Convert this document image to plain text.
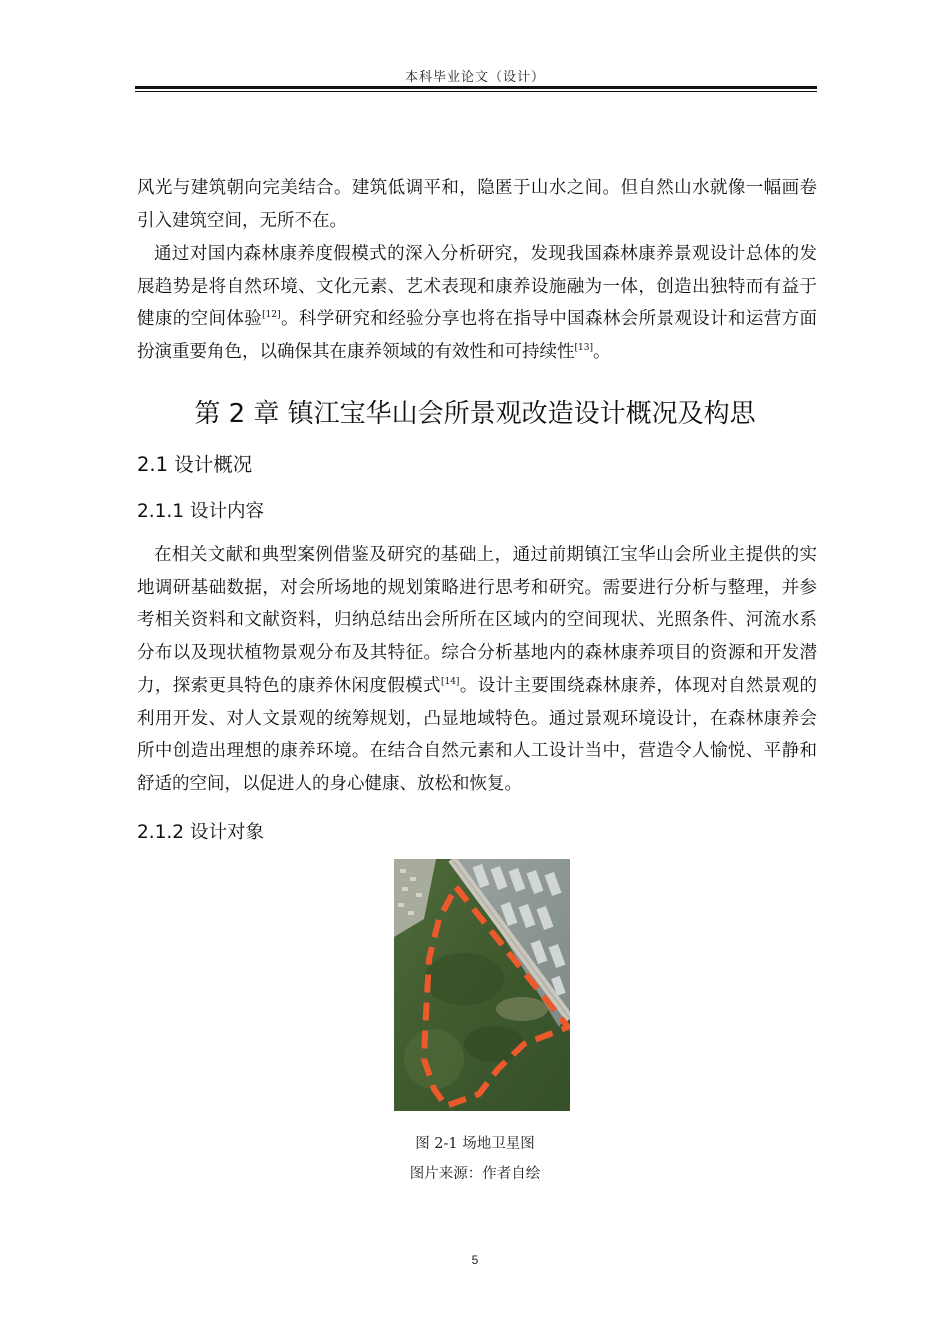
本科毕业论文（设计）

风光与建筑朝向完美结合。建筑低调平和，隐匿于山水之间。但自然山水就像一幅画卷引入建筑空间，无所不在。

通过对国内森林康养度假模式的深入分析研究，发现我国森林康养景观设计总体的发展趋势是将自然环境、文化元素、艺术表现和康养设施融为一体，创造出独特而有益于健康的空间体验[12]。科学研究和经验分享也将在指导中国森林会所景观设计和运营方面扮演重要角色，以确保其在康养领域的有效性和可持续性[13]。

第 2 章 镇江宝华山会所景观改造设计概况及构思
2.1 设计概况
2.1.1 设计内容

在相关文献和典型案例借鉴及研究的基础上，通过前期镇江宝华山会所业主提供的实地调研基础数据，对会所场地的规划策略进行思考和研究。需要进行分析与整理，并参考相关资料和文献资料，归纳总结出会所所在区域内的空间现状、光照条件、河流水系分布以及现状植物景观分布及其特征。综合分析基地内的森林康养项目的资源和开发潜力，探索更具特色的康养休闲度假模式[14]。设计主要围绕森林康养，体现对自然景观的利用开发、对人文景观的统筹规划，凸显地域特色。通过景观环境设计，在森林康养会所中创造出理想的康养环境。在结合自然元素和人工设计当中，营造令人愉悦、平静和舒适的空间，以促进人的身心健康、放松和恢复。

2.1.2 设计对象
图 2-1 场地卫星图
图片来源：作者自绘
5
